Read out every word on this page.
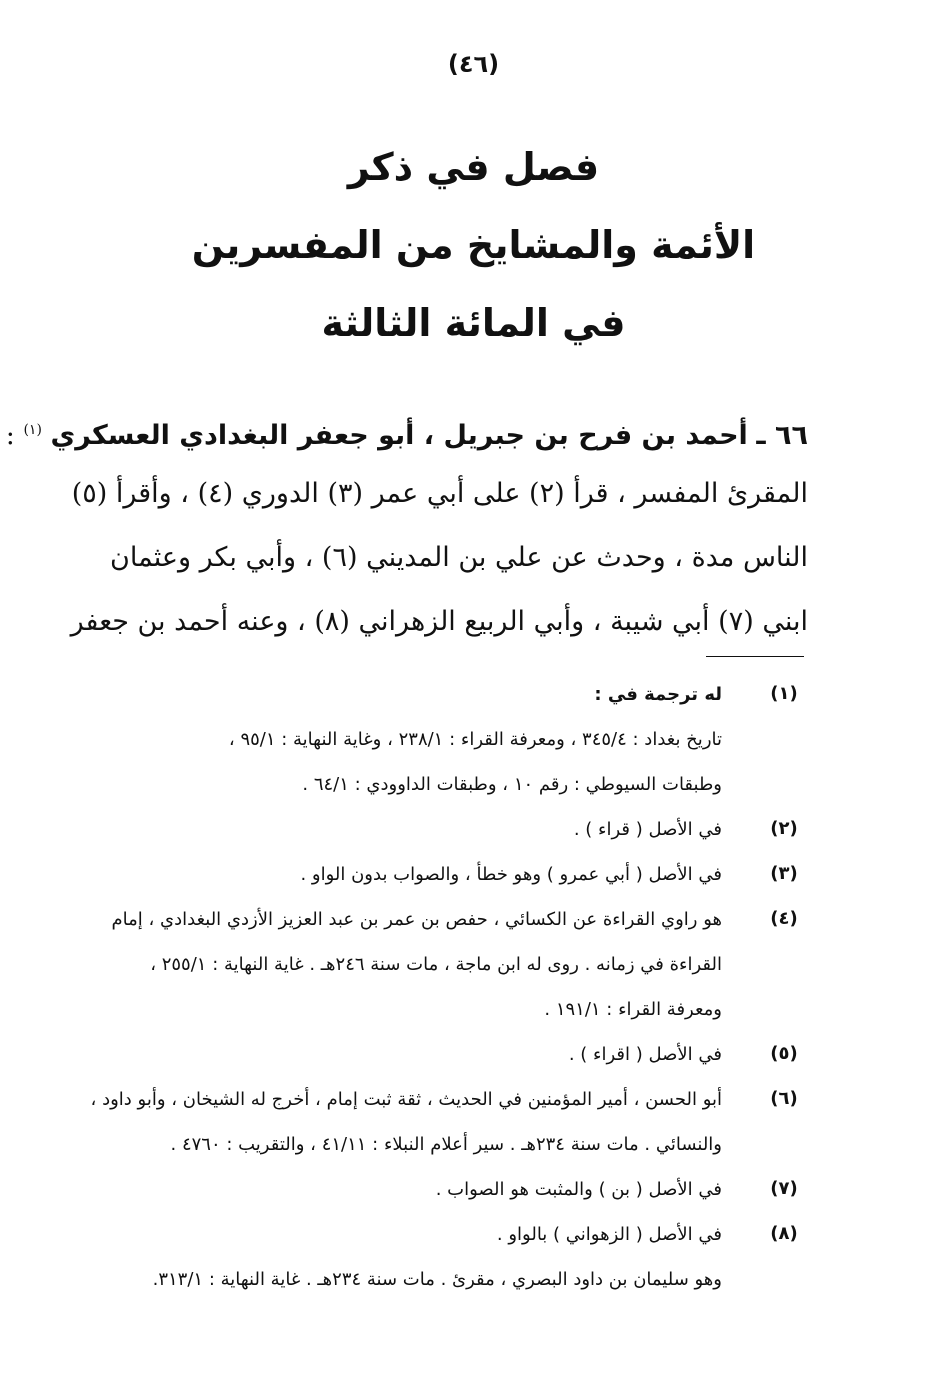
(٤٦)
فصل في ذكر
الأئمة والمشايخ من المفسرين
في المائة الثالثة
٦٦ ـ أحمد بن فرح بن جبريل ، أبو جعفر البغدادي العسكري $^{(١)}$ :
المقرئ المفسر ، قرأ (٢) على أبي عمر (٣) الدوري (٤) ، وأقرأ (٥)
الناس مدة ، وحدث عن علي بن المديني (٦) ، وأبي بكر وعثمان
ابني (٧) أبي شيبة ، وأبي الربيع الزهراني (٨) ، وعنه أحمد بن جعفر
(١)
له ترجمة في :
تاريخ بغداد : ٣٤٥/٤ ، ومعرفة القراء : ٢٣٨/١ ، وغاية النهاية : ٩٥/١ ،
وطبقات السيوطي : رقم ١٠ ، وطبقات الداوودي : ٦٤/١ .
(٢)
في الأصل ( قراء ) .
(٣)
في الأصل ( أبي عمرو ) وهو خطأ ، والصواب بدون الواو .
(٤)
هو راوي القراءة عن الكسائي ، حفص بن عمر بن عبد العزيز الأزدي البغدادي ، إمام
القراءة في زمانه . روى له ابن ماجة ، مات سنة ٢٤٦هـ . غاية النهاية : ٢٥٥/١ ،
ومعرفة القراء : ١٩١/١ .
(٥)
في الأصل ( اقراء ) .
(٦)
أبو الحسن ، أمير المؤمنين في الحديث ، ثقة ثبت إمام ، أخرج له الشيخان ، وأبو داود ،
والنسائي . مات سنة ٢٣٤هـ . سير أعلام النبلاء : ٤١/١١ ، والتقريب : ٤٧٦٠ .
(٧)
في الأصل ( بن ) والمثبت هو الصواب .
(٨)
في الأصل ( الزهواني ) بالواو .
وهو سليمان بن داود البصري ، مقرئ . مات سنة ٢٣٤هـ . غاية النهاية : ٣١٣/١.
